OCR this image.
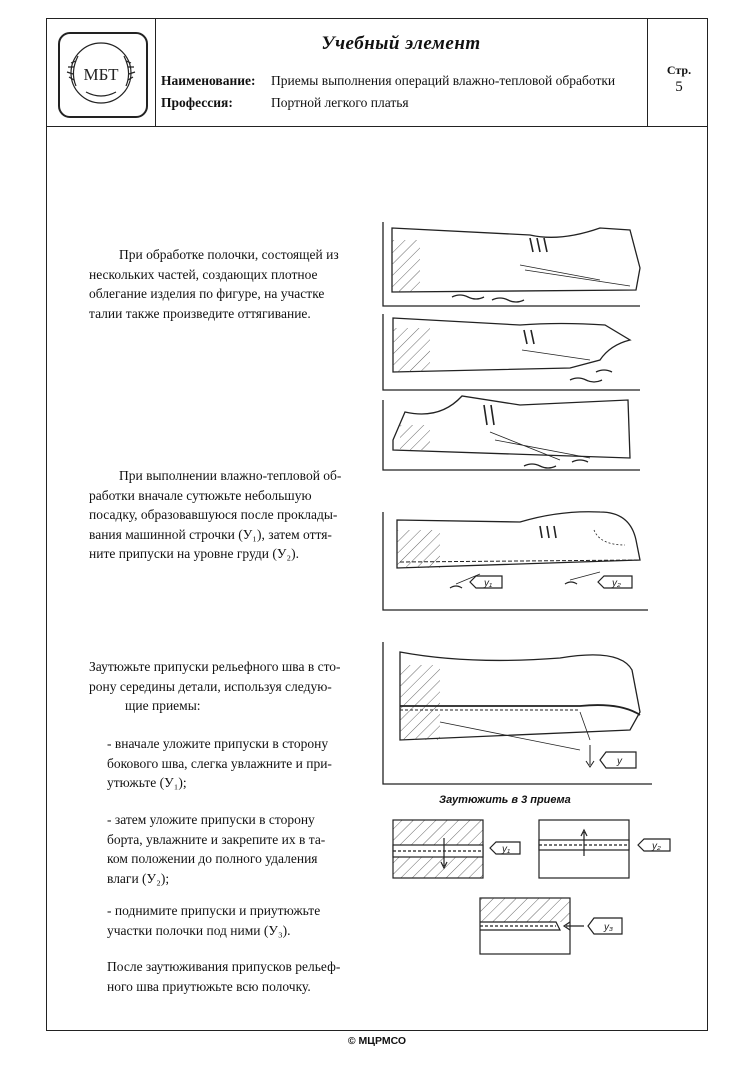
МБТ
Учебный элемент
Наименование: Приемы выполнения операций влажно-тепловой обработки
Профессия:	Портной легкого платья
Стр.
5
При обработке полочки, состоящей из
нескольких частей, создающих плотное
облегание изделия по фигуре, на участке
талии также произведите оттягивание.
При выполнении влажно-тепловой об-
работки вначале сутюжьте небольшую
посадку, образовавшуюся после проклады-
вания машинной строчки (У₁), затем оття-
ните припуски на уровне груди (У₂).
Заутюжьте припуски рельефного шва в сто-
рону середины детали, используя следую-
щие приемы:
- вначале уложите припуски в сторону
бокового шва, слегка увлажните и при-
утюжьте (У₁);
- затем уложите припуски в сторону
борта, увлажните и закрепите их в та-
ком положении до полного удаления
влаги (У₂);
- поднимите припуски и приутюжьте
участки полочки под ними (У₃).
После заутюживания припусков рельеф-
ного шва приутюжьте всю полочку.
у₁	у₂
у
у₁	у₂
у₃
Заутюжить в 3 приема
© МЦРМСО
